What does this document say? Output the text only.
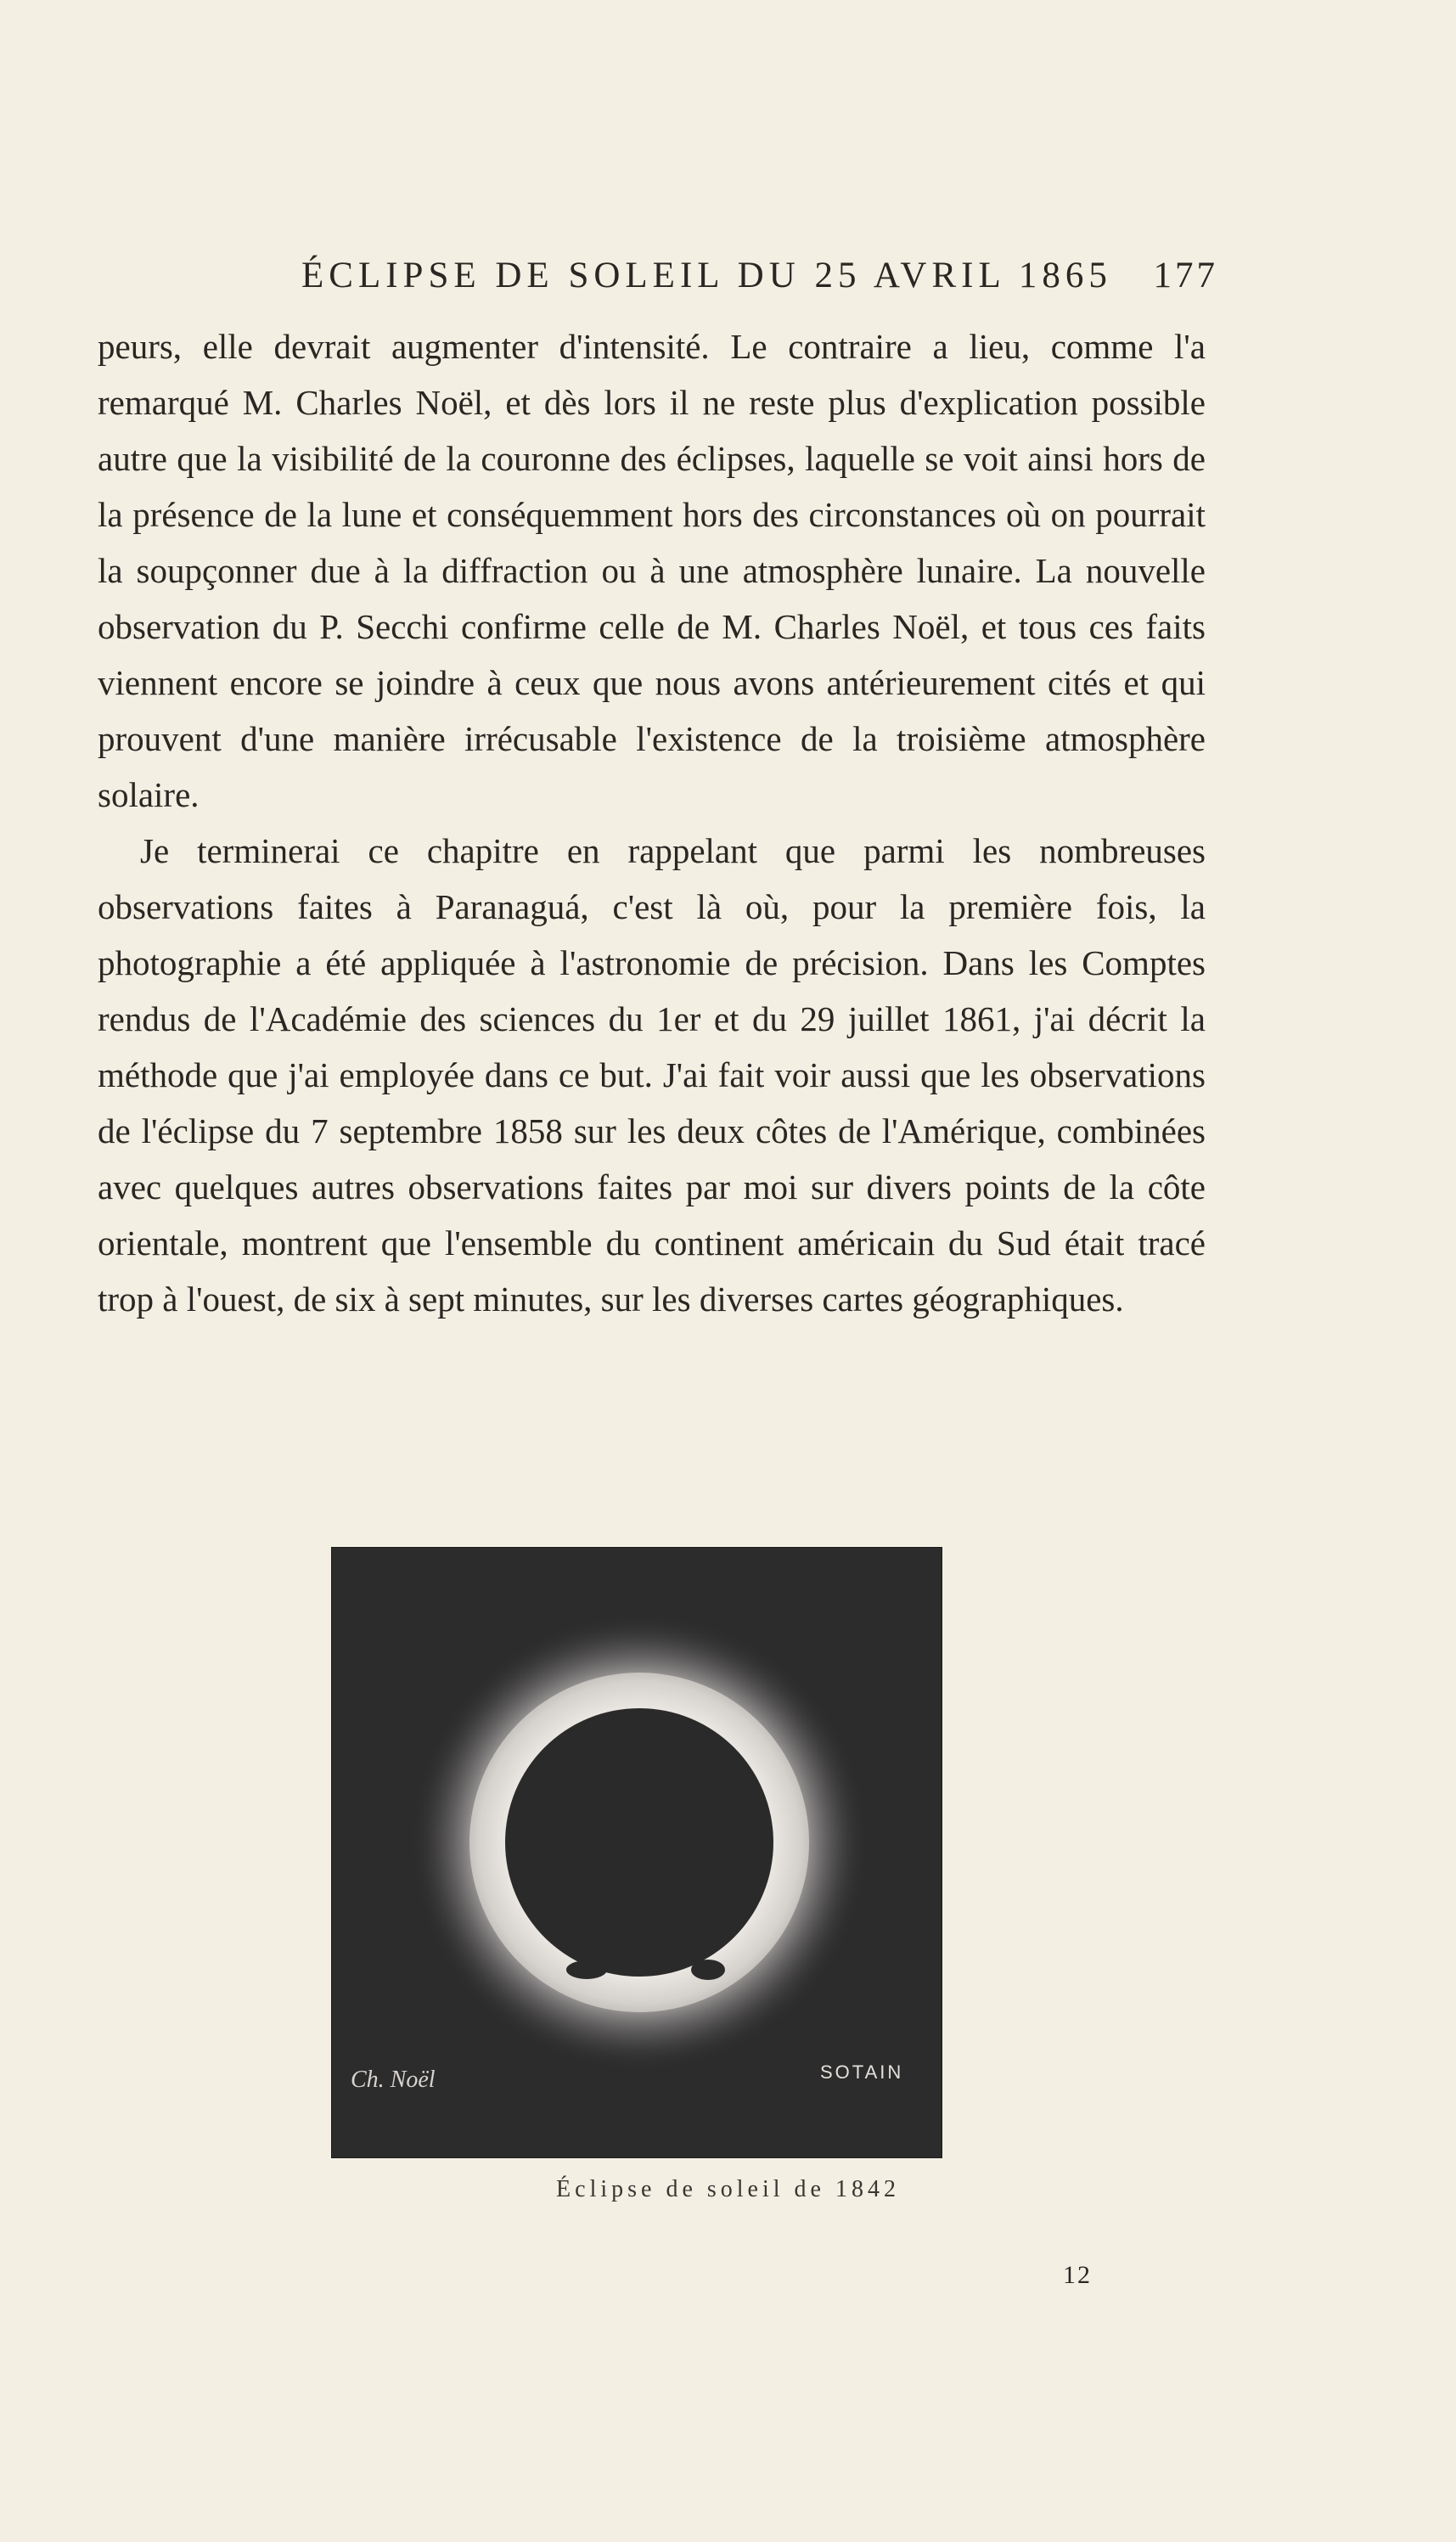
ÉCLIPSE DE SOLEIL DU 25 AVRIL 1865 177

peurs, elle devrait augmenter d'intensité. Le contraire a lieu, comme l'a remarqué M. Charles Noël, et dès lors il ne reste plus d'explication possible autre que la visibilité de la couronne des éclipses, laquelle se voit ainsi hors de la présence de la lune et conséquemment hors des circonstances où on pourrait la soupçonner due à la diffraction ou à une atmosphère lunaire. La nouvelle observation du P. Secchi confirme celle de M. Charles Noël, et tous ces faits viennent encore se joindre à ceux que nous avons antérieurement cités et qui prouvent d'une manière irrécusable l'existence de la troisième atmosphère solaire.

Je terminerai ce chapitre en rappelant que parmi les nombreuses observations faites à Paranaguá, c'est là où, pour la première fois, la photographie a été appliquée à l'astronomie de précision. Dans les Comptes rendus de l'Académie des sciences du 1er et du 29 juillet 1861, j'ai décrit la méthode que j'ai employée dans ce but. J'ai fait voir aussi que les observations de l'éclipse du 7 septembre 1858 sur les deux côtes de l'Amérique, combinées avec quelques autres observations faites par moi sur divers points de la côte orientale, montrent que l'ensemble du continent américain du Sud était tracé trop à l'ouest, de six à sept minutes, sur les diverses cartes géographiques.

Ch. Noël	SOTAIN
Éclipse de soleil de 1842
12
